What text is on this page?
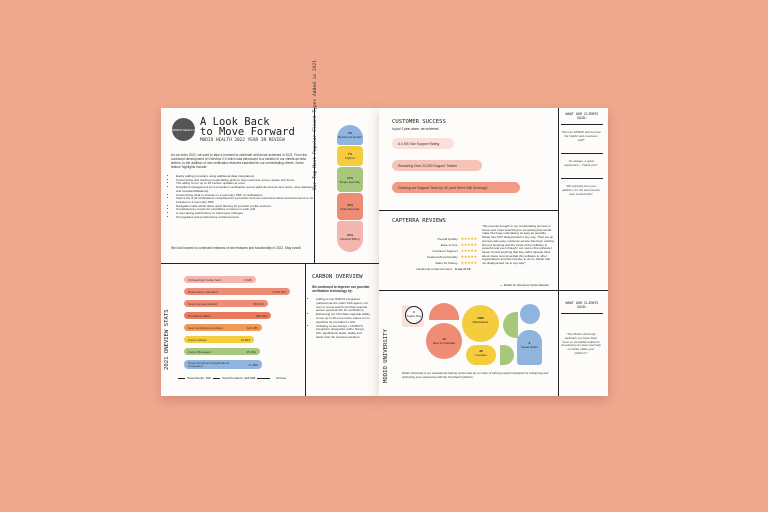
MODIO HEALTH
A Look Back
to Move Forward
MODIO HEALTH 2022 YEAR IN REVIEW
As we enter 2022, we want to take a moment to celebrate all that we achieved in 2021. From the continued development of OneView 2.0 which was introduced to a handful of our clients as beta testers, to the addition of new verification features essential for our credentialing clients. Some feature highlights include:
• Easily adding providers using additional data integrations
• Customizing and resizing credentialing grids to help maximize screen space and focus
• The ability to run up to 10 Carbon updates at once
• Simplified management for a provider's verification record (add documents and notes, view statuses and hospital affiliations)
• Customizing what to include on a summary PDF of verifications
• View a list of all verifications completed for a provider and can customize fields and documents to be included in a summary PDF
• Navigation tabs which allow quick filtering for provider profile sections
• Completeness counts for expirables or issues in each grid
• A user-facing audit history to track team changes
• Kit upgrades and performance enhancements
We look forward to continued releases of new features and functionality in 2022. Stay tuned!
Our Top Most Popular Client Types Added in 2021	4%
Behavioral Health
7%
FQHCs
21%
Single-specialty
33%
Multi-Specialty
35%
Medical Billing
2021 ONEVIEW STATS
Onboarding Invites Sent	6,645
Documents Uploaded	2,229,451
New Licenses Added	153,152
Providers Added	180,330
New Certifications Added	120,455
Forms Added	14,803
Forms Managed	25,494
Payer Enrollment Applications Processed	31,850
Total Clients: 150	Total Providers: 324,568	All time
CARBON OVERVIEW
We continued to improve our provider verification technology by:
• Adding a new NSDOJ integration (national service when SSA agency cut over to a new search tool that required secure personal info for verification)
• Enhancing our OIG Alias Upgrade Ability to use up to 15 more name values to run searches for providers in OIG
• Including a new Nursys + NURSYS integration (integration w/the Nursys API, significantly faster, stable and faster than the previous solution)
CUSTOMER SUCCESS
In just 1 year alone, we achieved
A 4.9/5 Star Support Rating
Resolving Over 23,000 Support Tickets
Growing our Support Team by 3X (and We're Still Growing!)
CAPTERRA REVIEWS
Overall Quality ★★★★★
Ease of Use ★★★★★
Customer Support ★★★★★
Features/Functionality ★★★★★
Value for Money ★★★★★
Likelihood to Recommend 9 out of 10
"We recently brought in our credentialing process in house and I was searching for something that would make this huge undertaking as easy as possible. Modio has NOT disappointed in any way. Their set up process was easy, customer service has been nothing short of amazing and the views of the software is powerful and even though I am new to this software I haven't found anything that they didn't already think about. Have recommended this software to other organizations and will continue to do so. Modio has not disappointed me in any way!"
— Modio Sr. Revenue Cycle Director
MODIO UNIVERSITY
3
Topics Day
10
New To Oneview
1560
Participants
36
Courses
6
Guest Hosts
Modio University is our educational training series lead by our team of training experts designed for enhancing and optimizing your experience with the OneView® platform.
WHAT OUR CLIENTS SAID:
"We love MODIO and we love the helpful and courteous staff"
"As always, a great experience – Thank you!"
"We honestly love your platform, it's the best service ever worked with"
WHAT OUR CLIENTS SAID:
"The Modio University webinars you have been been so incredibly helpful to developing our team and help us better utilize your platform!"
